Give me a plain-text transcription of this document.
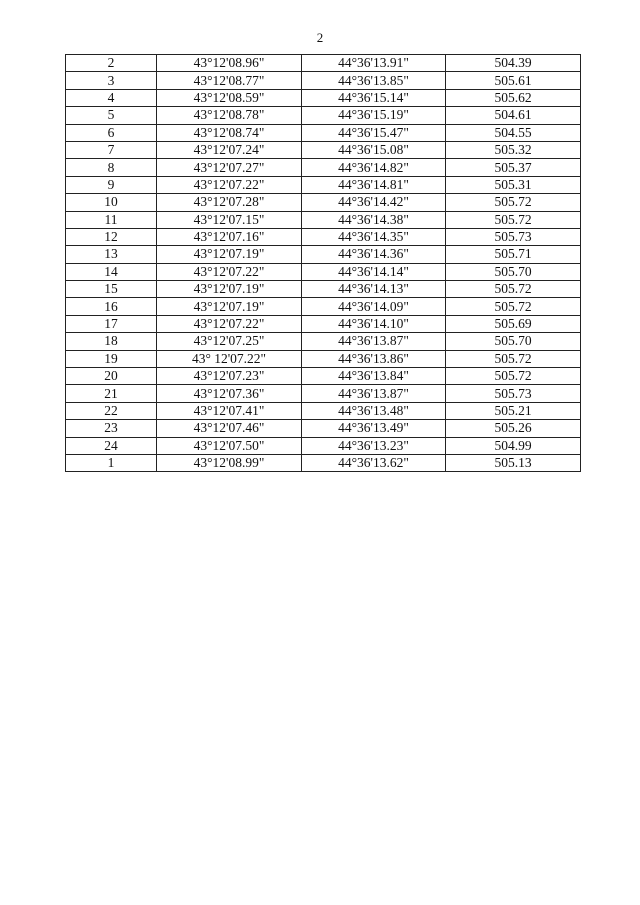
2
2	43°12'08.96"	44°36'13.91"	504.39
3	43°12'08.77"	44°36'13.85"	505.61
4	43°12'08.59"	44°36'15.14"	505.62
5	43°12'08.78"	44°36'15.19"	504.61
6	43°12'08.74"	44°36'15.47"	504.55
7	43°12'07.24"	44°36'15.08"	505.32
8	43°12'07.27"	44°36'14.82"	505.37
9	43°12'07.22"	44°36'14.81"	505.31
10	43°12'07.28"	44°36'14.42"	505.72
11	43°12'07.15"	44°36'14.38"	505.72
12	43°12'07.16"	44°36'14.35"	505.73
13	43°12'07.19"	44°36'14.36"	505.71
14	43°12'07.22"	44°36'14.14"	505.70
15	43°12'07.19"	44°36'14.13"	505.72
16	43°12'07.19"	44°36'14.09"	505.72
17	43°12'07.22"	44°36'14.10"	505.69
18	43°12'07.25"	44°36'13.87"	505.70
19	43° 12'07.22"	44°36'13.86"	505.72
20	43°12'07.23"	44°36'13.84"	505.72
21	43°12'07.36"	44°36'13.87"	505.73
22	43°12'07.41"	44°36'13.48"	505.21
23	43°12'07.46"	44°36'13.49"	505.26
24	43°12'07.50"	44°36'13.23"	504.99
1	43°12'08.99"	44°36'13.62"	505.13
